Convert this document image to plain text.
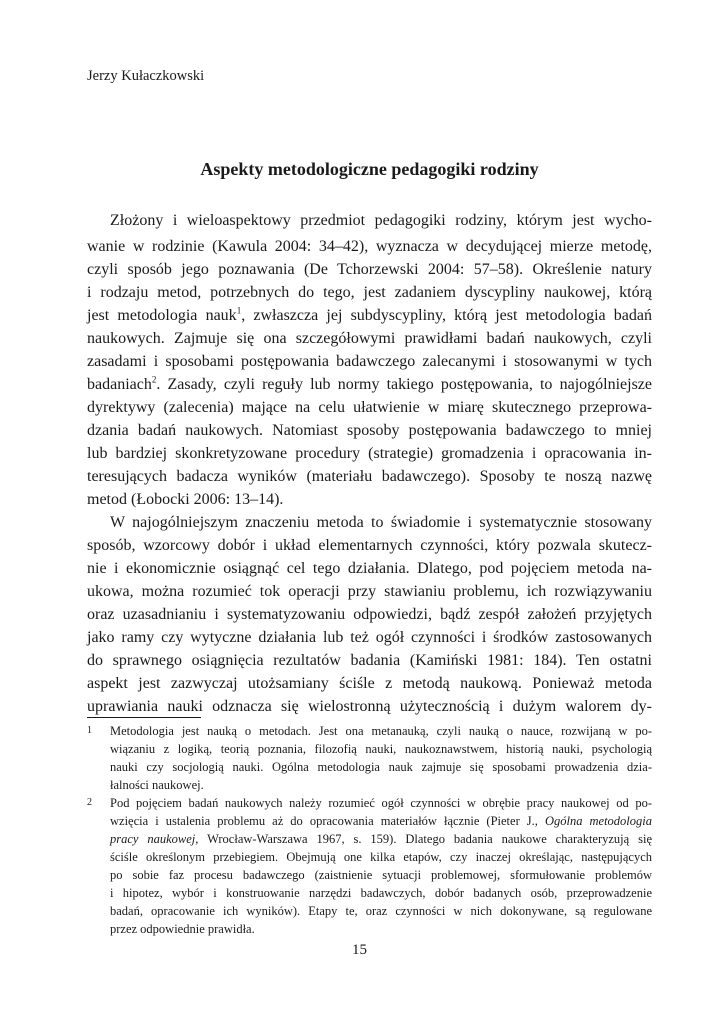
Jerzy Kułaczkowski
Aspekty metodologiczne pedagogiki rodziny
Złożony i wieloaspektowy przedmiot pedagogiki rodziny, którym jest wycho-
wanie w rodzinie (Kawula 2004: 34–42), wyznacza w decydującej mierze metodę,
czyli sposób jego poznawania (De Tchorzewski 2004: 57–58). Określenie natury
i rodzaju metod, potrzebnych do tego, jest zadaniem dyscypliny naukowej, którą
jest metodologia nauk$^1$, zwłaszcza jej subdyscypliny, którą jest metodologia badań
naukowych. Zajmuje się ona szczegółowymi prawidłami badań naukowych, czyli
zasadami i sposobami postępowania badawczego zalecanymi i stosowanymi w tych
badaniach$^2$. Zasady, czyli reguły lub normy takiego postępowania, to najogólniejsze
dyrektywy (zalecenia) mające na celu ułatwienie w miarę skutecznego przeprowa-
dzania badań naukowych. Natomiast sposoby postępowania badawczego to mniej
lub bardziej skonkretyzowane procedury (strategie) gromadzenia i opracowania in-
teresujących badacza wyników (materiału badawczego). Sposoby te noszą nazwę
metod (Łobocki 2006: 13–14).
W najogólniejszym znaczeniu metoda to świadomie i systematycznie stosowany
sposób, wzorcowy dobór i układ elementarnych czynności, który pozwala skutecz-
nie i ekonomicznie osiągnąć cel tego działania. Dlatego, pod pojęciem metoda na-
ukowa, można rozumieć tok operacji przy stawianiu problemu, ich rozwiązywaniu
oraz uzasadnianiu i systematyzowaniu odpowiedzi, bądź zespół założeń przyjętych
jako ramy czy wytyczne działania lub też ogół czynności i środków zastosowanych
do sprawnego osiągnięcia rezultatów badania (Kamiński 1981: 184). Ten ostatni
aspekt jest zazwyczaj utożsamiany ściśle z metodą naukową. Ponieważ metoda
uprawiania nauki odznacza się wielostronną użytecznością i dużym walorem dy-
1 Metodologia jest nauką o metodach. Jest ona metanauką, czyli nauką o nauce, rozwijaną w po-
wiązaniu z logiką, teorią poznania, filozofią nauki, naukoznawstwem, historią nauki, psychologią
nauki czy socjologią nauki. Ogólna metodologia nauk zajmuje się sposobami prowadzenia dzia-
łalności naukowej.
2 Pod pojęciem badań naukowych należy rozumieć ogół czynności w obrębie pracy naukowej od po-
wzięcia i ustalenia problemu aż do opracowania materiałów łącznie (Pieter J., Ogólna metodologia
pracy naukowej, Wrocław-Warszawa 1967, s. 159). Dlatego badania naukowe charakteryzują się
ściśle określonym przebiegiem. Obejmują one kilka etapów, czy inaczej określając, następujących
po sobie faz procesu badawczego (zaistnienie sytuacji problemowej, sformułowanie problemów
i hipotez, wybór i konstruowanie narzędzi badawczych, dobór badanych osób, przeprowadzenie
badań, opracowanie ich wyników). Etapy te, oraz czynności w nich dokonywane, są regulowane
przez odpowiednie prawidła.
15
